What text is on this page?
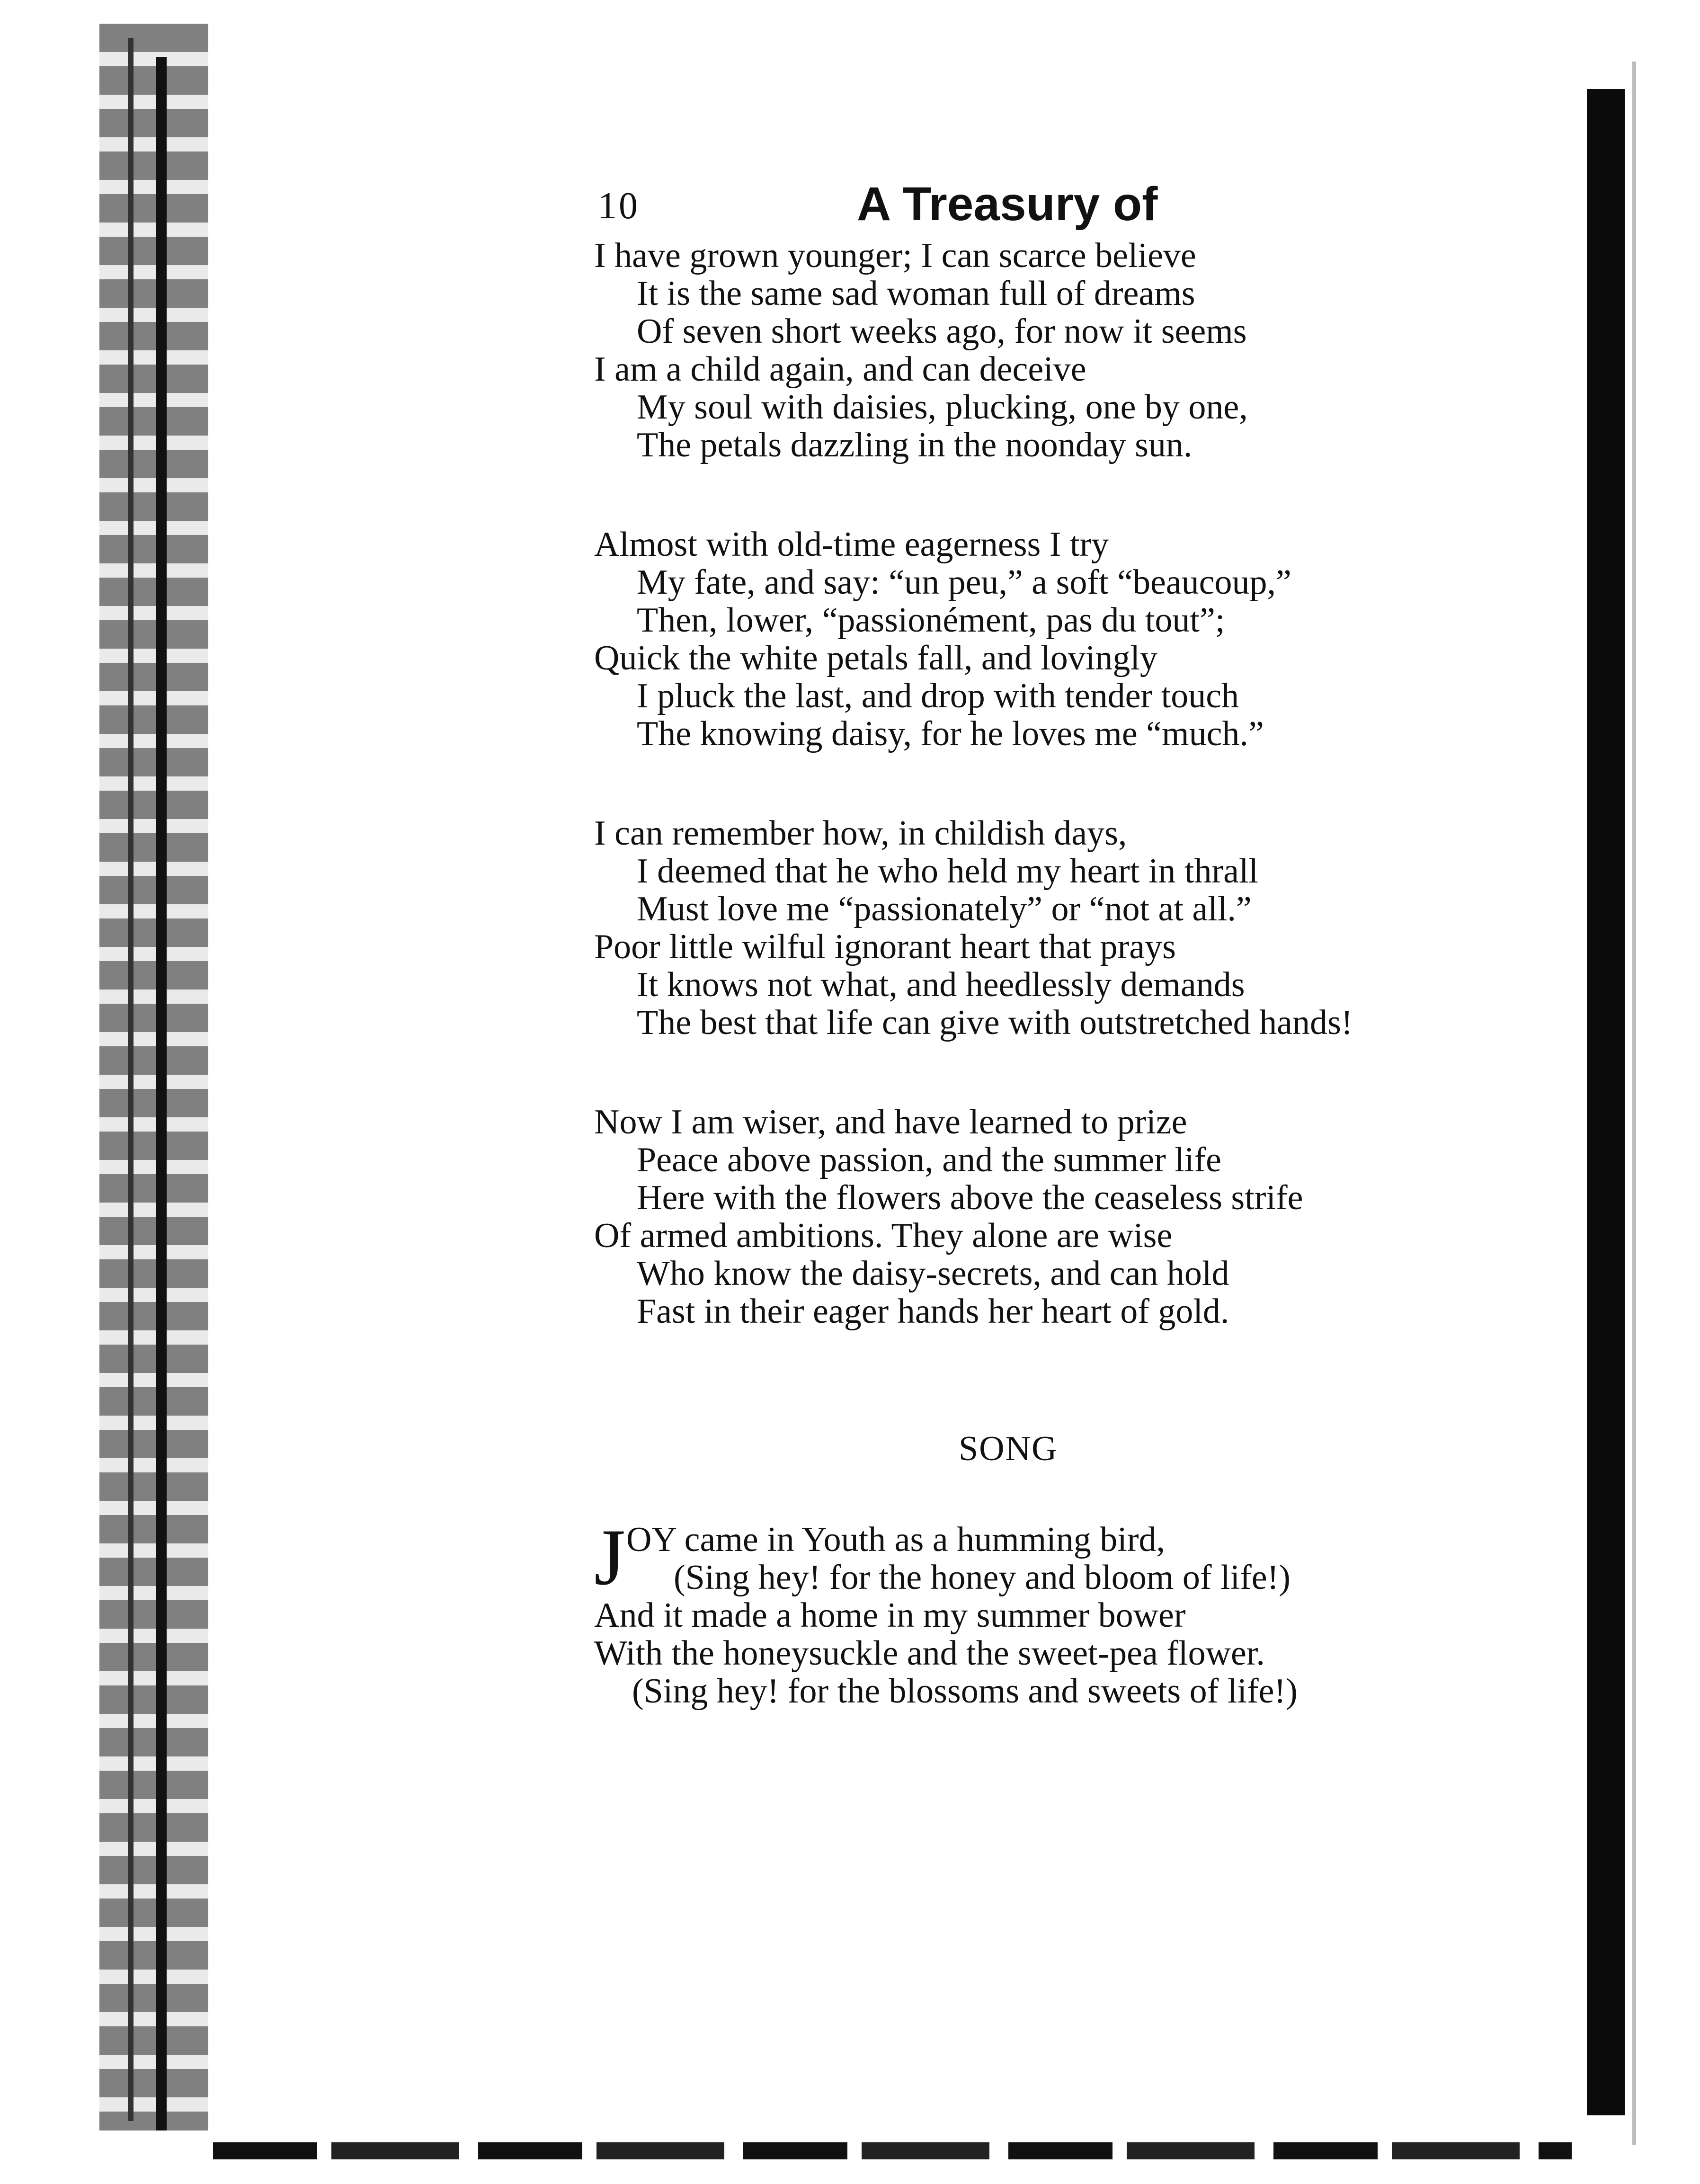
10	A Treasury of
I have grown younger; I can scarce believe
It is the same sad woman full of dreams
Of seven short weeks ago, for now it seems
I am a child again, and can deceive
My soul with daisies, plucking, one by one,
The petals dazzling in the noonday sun.
Almost with old-time eagerness I try
My fate, and say: “un peu,” a soft “beaucoup,”
Then, lower, “passionément, pas du tout”;
Quick the white petals fall, and lovingly
I pluck the last, and drop with tender touch
The knowing daisy, for he loves me “much.”
I can remember how, in childish days,
I deemed that he who held my heart in thrall
Must love me “passionately” or “not at all.”
Poor little wilful ignorant heart that prays
It knows not what, and heedlessly demands
The best that life can give with outstretched hands!
Now I am wiser, and have learned to prize
Peace above passion, and the summer life
Here with the flowers above the ceaseless strife
Of armed ambitions. They alone are wise
Who know the daisy-secrets, and can hold
Fast in their eager hands her heart of gold.
SONG
J OY came in Youth as a humming bird,
(Sing hey! for the honey and bloom of life!)
And it made a home in my summer bower
With the honeysuckle and the sweet-pea flower.
(Sing hey! for the blossoms and sweets of life!)
